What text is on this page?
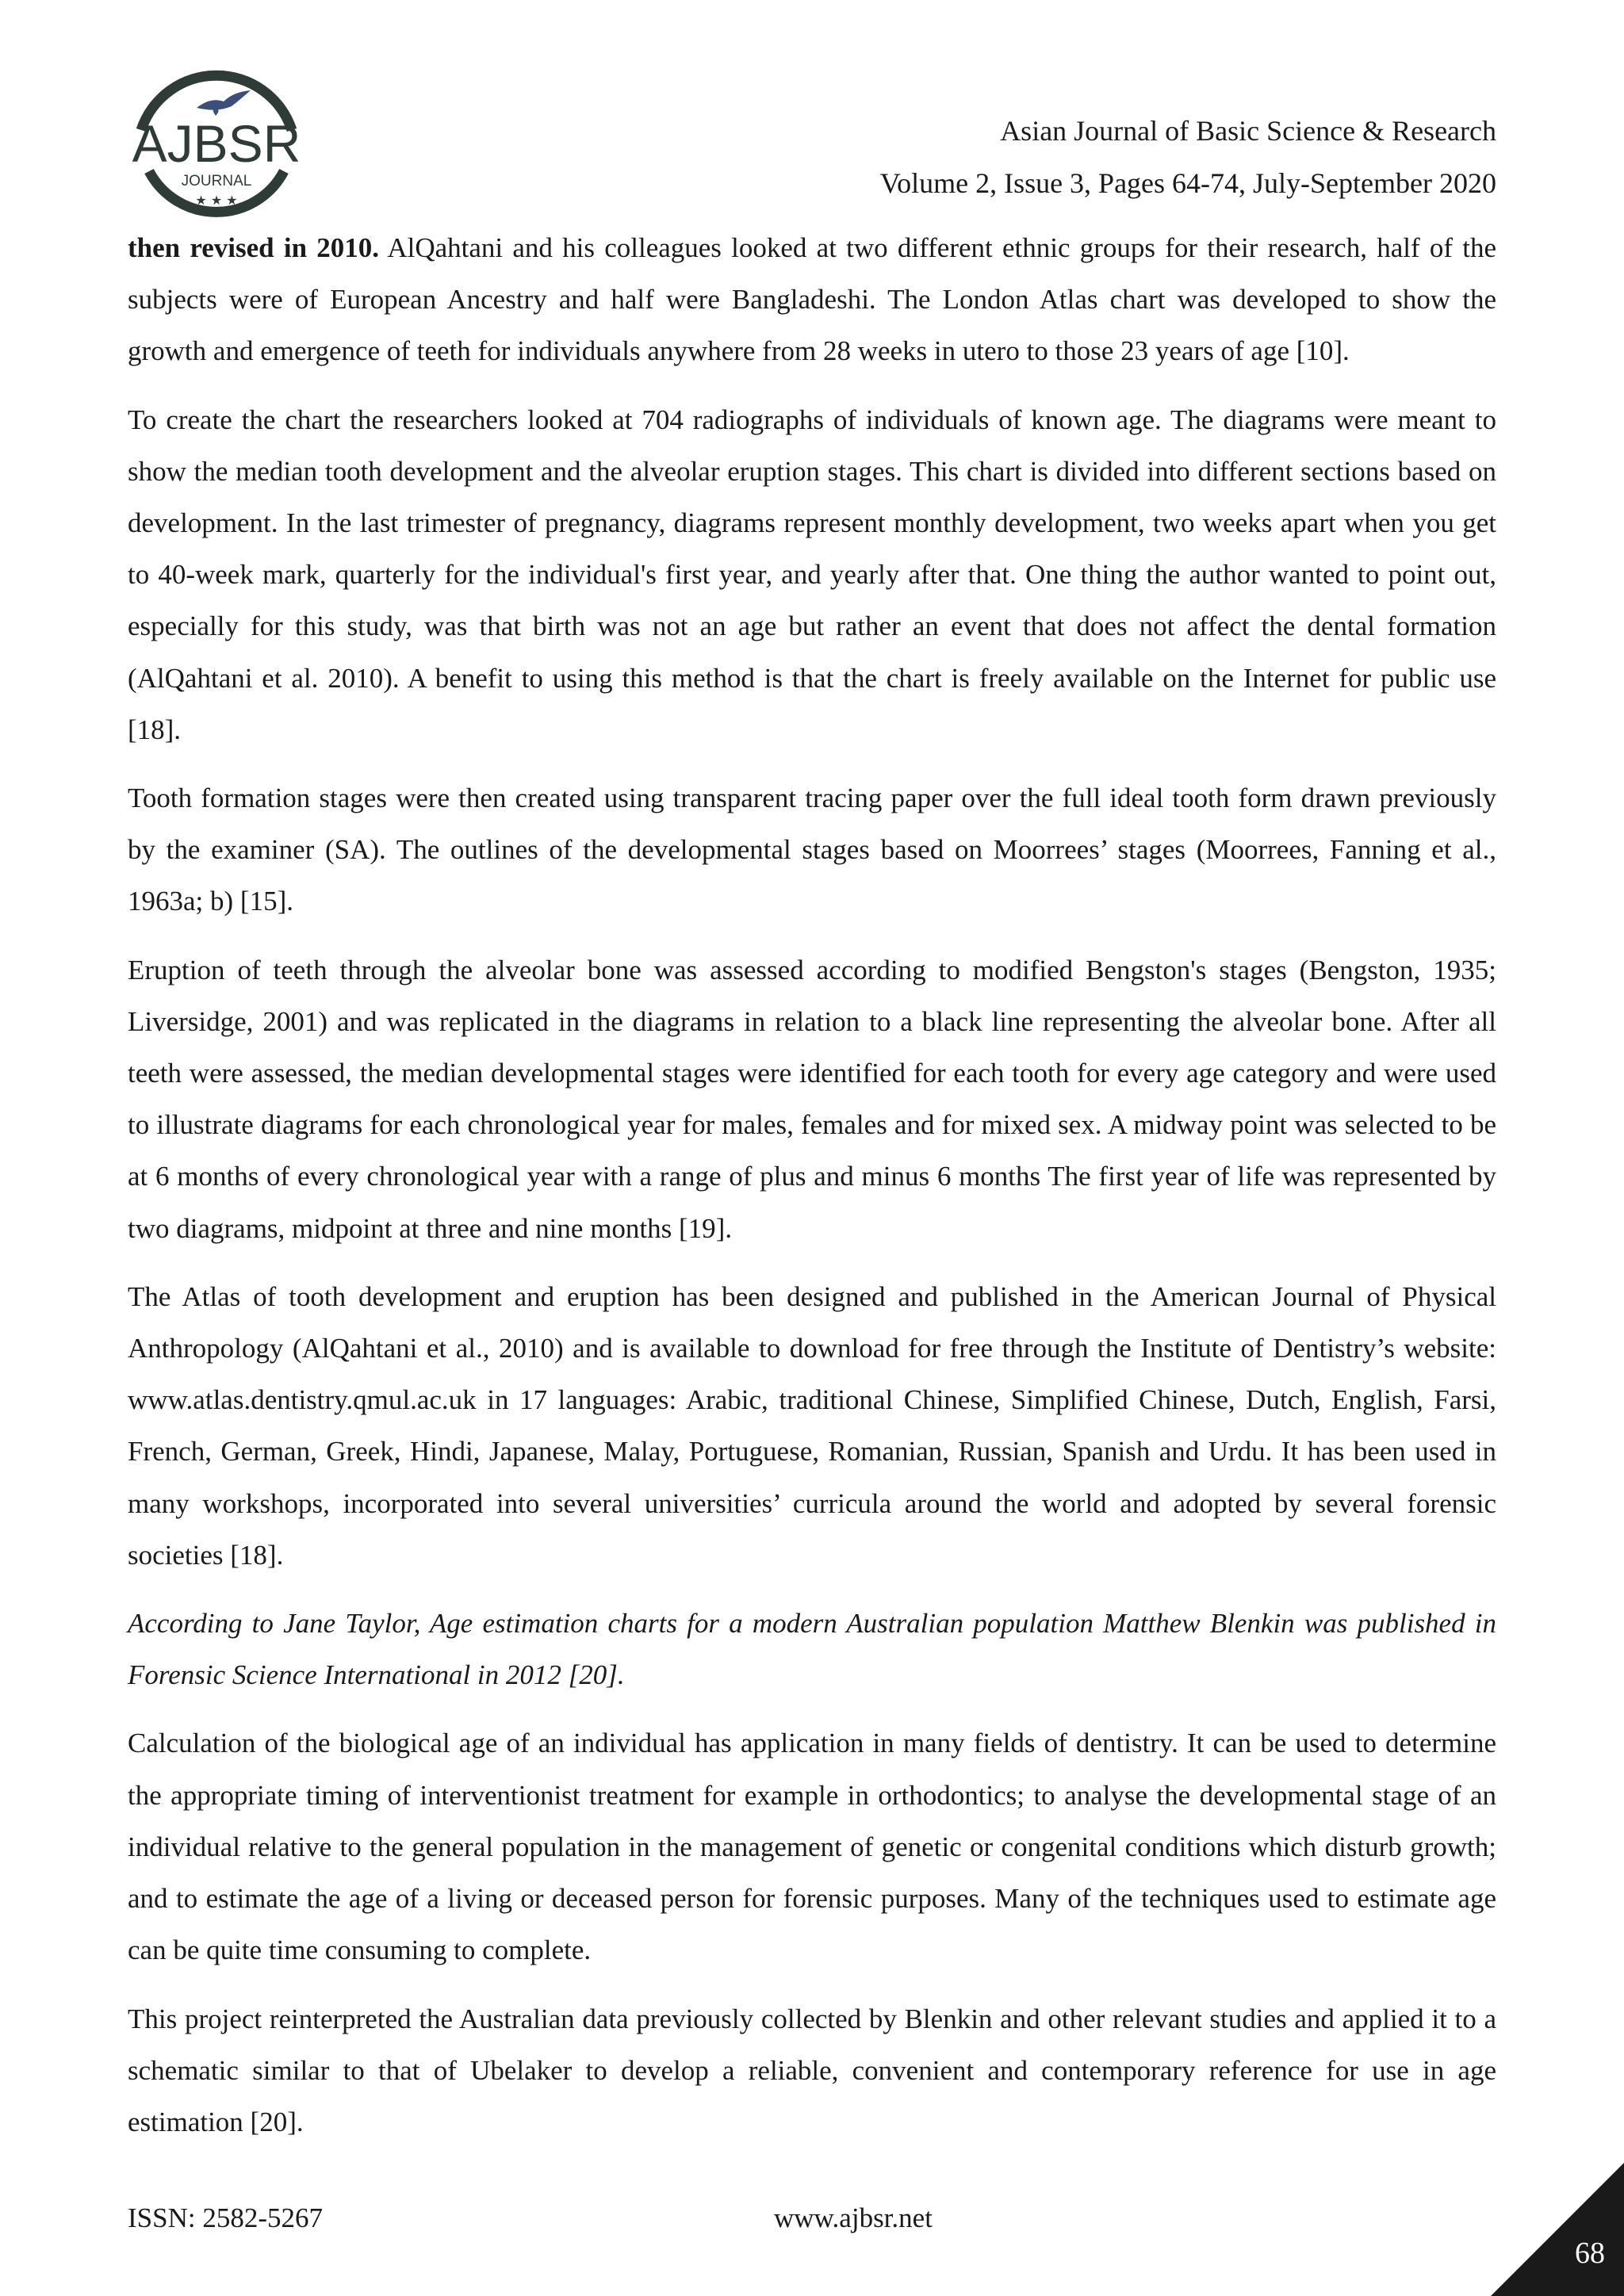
AJBSR
JOURNAL
★ ★ ★
Asian Journal of Basic Science & Research
Volume 2, Issue 3, Pages 64-74, July-September 2020

then revised in 2010. AlQahtani and his colleagues looked at two different ethnic groups for their research, half of the subjects were of European Ancestry and half were Bangladeshi. The London Atlas chart was developed to show the growth and emergence of teeth for individuals anywhere from 28 weeks in utero to those 23 years of age [10].

To create the chart the researchers looked at 704 radiographs of individuals of known age. The diagrams were meant to show the median tooth development and the alveolar eruption stages. This chart is divided into different sections based on development. In the last trimester of pregnancy, diagrams represent monthly development, two weeks apart when you get to 40-week mark, quarterly for the individual's first year, and yearly after that. One thing the author wanted to point out, especially for this study, was that birth was not an age but rather an event that does not affect the dental formation (AlQahtani et al. 2010). A benefit to using this method is that the chart is freely available on the Internet for public use [18].

Tooth formation stages were then created using transparent tracing paper over the full ideal tooth form drawn previously by the examiner (SA). The outlines of the developmental stages based on Moorrees’ stages (Moorrees, Fanning et al., 1963a; b) [15].

Eruption of teeth through the alveolar bone was assessed according to modified Bengston's stages (Bengston, 1935; Liversidge, 2001) and was replicated in the diagrams in relation to a black line representing the alveolar bone. After all teeth were assessed, the median developmental stages were identified for each tooth for every age category and were used to illustrate diagrams for each chronological year for males, females and for mixed sex. A midway point was selected to be at 6 months of every chronological year with a range of plus and minus 6 months The first year of life was represented by two diagrams, midpoint at three and nine months [19].

The Atlas of tooth development and eruption has been designed and published in the American Journal of Physical Anthropology (AlQahtani et al., 2010) and is available to download for free through the Institute of Dentistry’s website: www.atlas.dentistry.qmul.ac.uk in 17 languages: Arabic, traditional Chinese, Simplified Chinese, Dutch, English, Farsi, French, German, Greek, Hindi, Japanese, Malay, Portuguese, Romanian, Russian, Spanish and Urdu. It has been used in many workshops, incorporated into several universities’ curricula around the world and adopted by several forensic societies [18].

According to Jane Taylor, Age estimation charts for a modern Australian population Matthew Blenkin was published in Forensic Science International in 2012 [20].

Calculation of the biological age of an individual has application in many fields of dentistry. It can be used to determine the appropriate timing of interventionist treatment for example in orthodontics; to analyse the developmental stage of an individual relative to the general population in the management of genetic or congenital conditions which disturb growth; and to estimate the age of a living or deceased person for forensic purposes. Many of the techniques used to estimate age can be quite time consuming to complete.

This project reinterpreted the Australian data previously collected by Blenkin and other relevant studies and applied it to a schematic similar to that of Ubelaker to develop a reliable, convenient and contemporary reference for use in age estimation [20].

ISSN: 2582-5267	www.ajbsr.net
68
